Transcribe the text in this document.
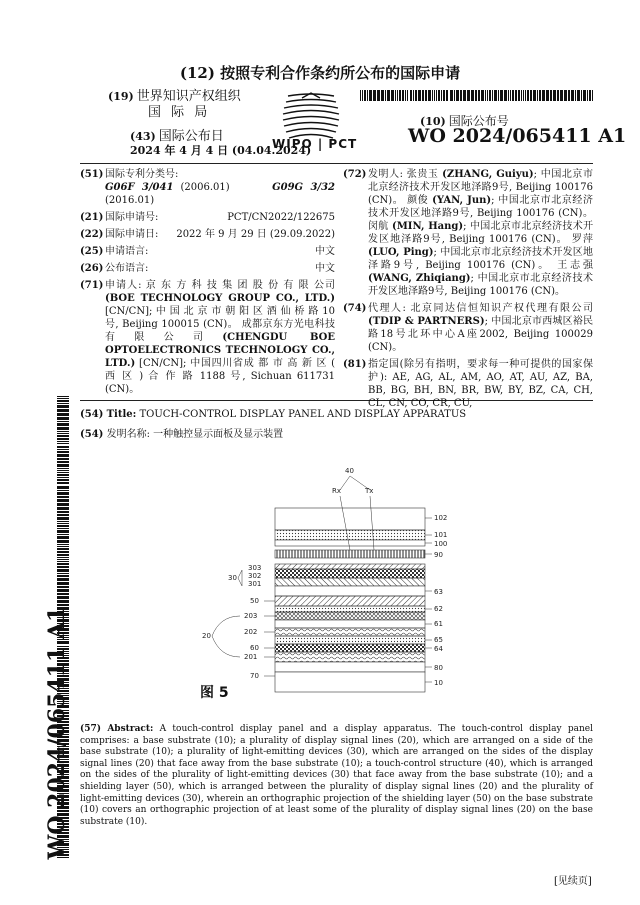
(12) 按照专利合作条约所公布的国际申请
(19) 世界知识产权组织
国 际 局
(43) 国际公布日
2024 年 4 月 4 日 (04.04.2024)
WIPO | PCT
(10) 国际公布号
WO 2024/065411 A1
(51) 国际专利分类号:
G06F 3/041 (2006.01)	G09G 3/32 (2016.01)
(21) 国际申请号:	PCT/CN2022/122675
(22) 国际申请日: 2022 年 9 月 29 日 (29.09.2022)
(25) 申请语言:	中文
(26) 公布语言:	中文
(71) 申请人: 京 东 方 科 技 集 团 股 份 有 限 公司(BOE TECHNOLOGY GROUP CO., LTD.) [CN/CN]; 中 国 北 京 市 朝 阳 区 酒 仙 桥 路 10 号, Beijing 100015 (CN)。 成都京东方光电科技有限公司(CHENGDU BOE OPTOELECTRONICS TECHNOLOGY CO., LTD.) [CN/CN]; 中国四川省成 都 市 高 新 区 ( 西 区 ) 合 作 路 1188 号, Sichuan 611731 (CN)。
(72) 发明人: 张贵玉 (ZHANG, Guiyu); 中国北京市北京经济技术开发区地泽路9号, Beijing 100176 (CN)。 颜俊 (YAN, Jun); 中国北京市北京经济技术开发区地泽路9号, Beijing 100176 (CN)。 闵航 (MIN, Hang); 中国北京市北京经济技术开发区地泽路9号, Beijing 100176 (CN)。 罗萍 (LUO, Ping); 中国北京市北京经济技术开发区地泽路9号, Beijing 100176 (CN)。 王志强(WANG, Zhiqiang); 中国北京市北京经济技术开发区地泽路9号, Beijing 100176 (CN)。
(74) 代理人: 北京同达信恒知识产权代理有限公司 (TDIP & PARTNERS); 中国北京市西城区裕民路18号北环中心A座2002, Beijing 100029 (CN)。
(81) 指定国(除另有指明，要求每一种可提供的国家保护): AE, AG, AL, AM, AO, AT, AU, AZ, BA, BB, BG, BH, BN, BR, BW, BY, BZ, CA, CH, CL, CN, CO, CR, CU,
WO 2024/065411 A1
(54) Title: TOUCH-CONTROL DISPLAY PANEL AND DISPLAY APPARATUS
(54) 发明名称: 一种触控显示面板及显示装置
40
Rx	Tx
102
101
100
90
63
62
61
65
64
80
10
30
303
302
301
50
203
20	202
60
201
70
图 5
(57) Abstract: A touch-control display panel and a display apparatus. The touch-control display panel comprises: a base substrate (10); a plurality of display signal lines (20), which are arranged on a side of the base substrate (10); a plurality of light-emitting devices (30), which are arranged on the sides of the display signal lines (20) that face away from the base substrate (10); a touch-control structure (40), which is arranged on the sides of the plurality of light-emitting devices (30) that face away from the base substrate (10); and a shielding layer (50), which is arranged between the plurality of display signal lines (20) and the plurality of light-emitting devices (30), wherein an orthographic projection of the shielding layer (50) on the base substrate (10) covers an orthographic projection of at least some of the plurality of display signal lines (20) on the base substrate (10).
[见续页]
